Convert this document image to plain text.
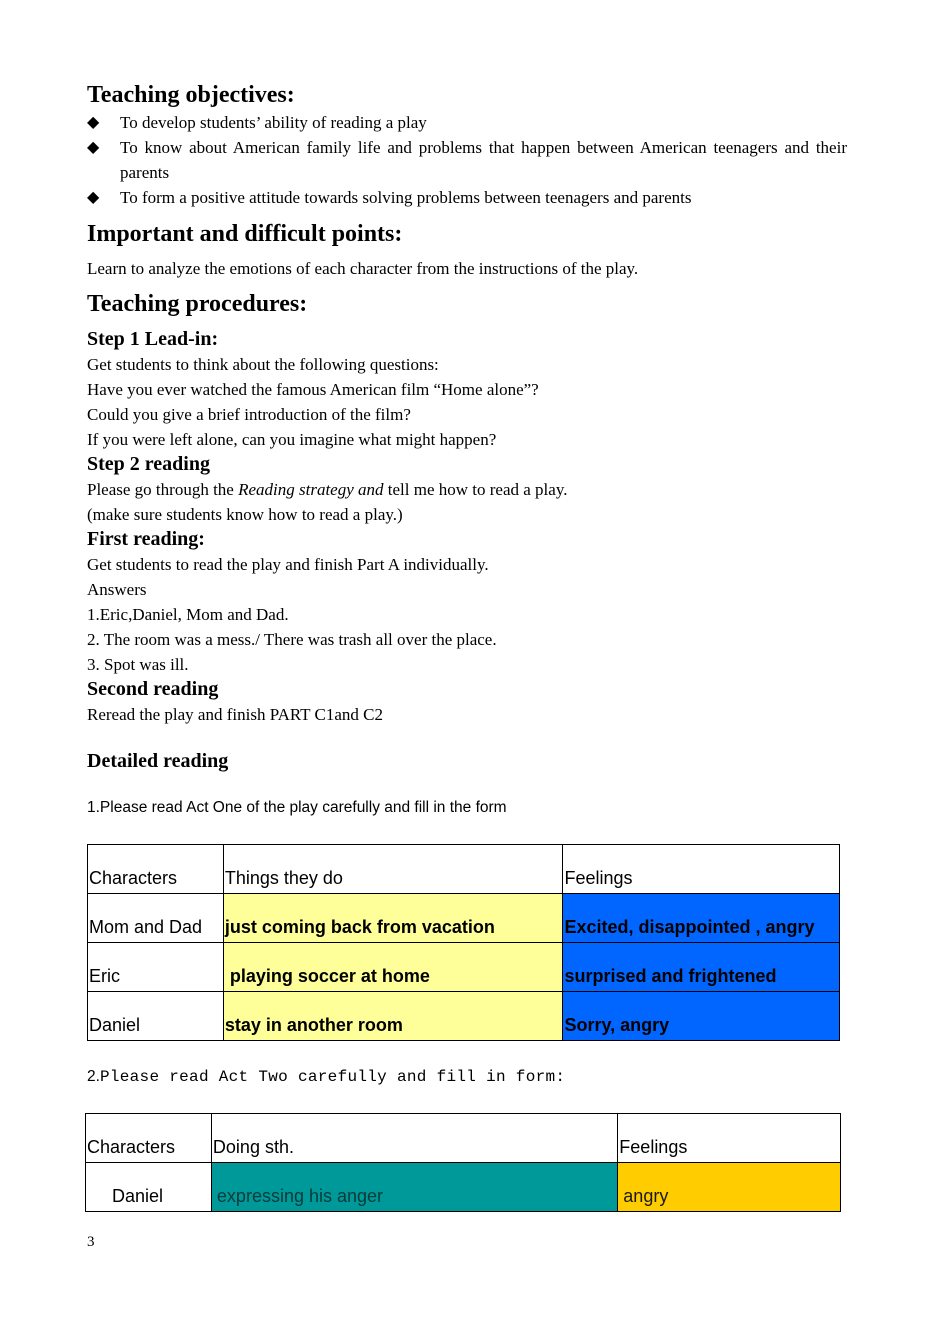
Teaching objectives:
◆ To develop students’ ability of reading a play
◆ To know about American family life and problems that happen between American teenagers and their parents
◆ To form a positive attitude towards solving problems between teenagers and parents
Important and difficult points:

Learn to analyze the emotions of each character from the instructions of the play.

Teaching procedures:
Step 1 Lead-in:

Get students to think about the following questions:

Have you ever watched the famous American film “Home alone”?

Could you give a brief introduction of the film?

If you were left alone, can you imagine what might happen?

Step 2 reading

Please go through the Reading strategy and tell me how to read a play.

(make sure students know how to read a play.)

First reading:

Get students to read the play and finish Part A individually.

Answers

1.Eric,Daniel, Mom and Dad.

2. The room was a mess./ There was trash all over the place.

3. Spot was ill.

Second reading

Reread the play and finish PART C1and C2

Detailed reading

1.Please read Act One of the play carefully and fill in the form

Characters	Things they do	Feelings
Mom and Dad	just coming back from vacation	Excited, disappointed , angry
Eric	playing soccer at home	surprised and frightened
Daniel	stay in another room	Sorry, angry

2.Please read Act Two carefully and fill in form:

Characters	Doing sth.	Feelings
Daniel	expressing his anger	angry
3
